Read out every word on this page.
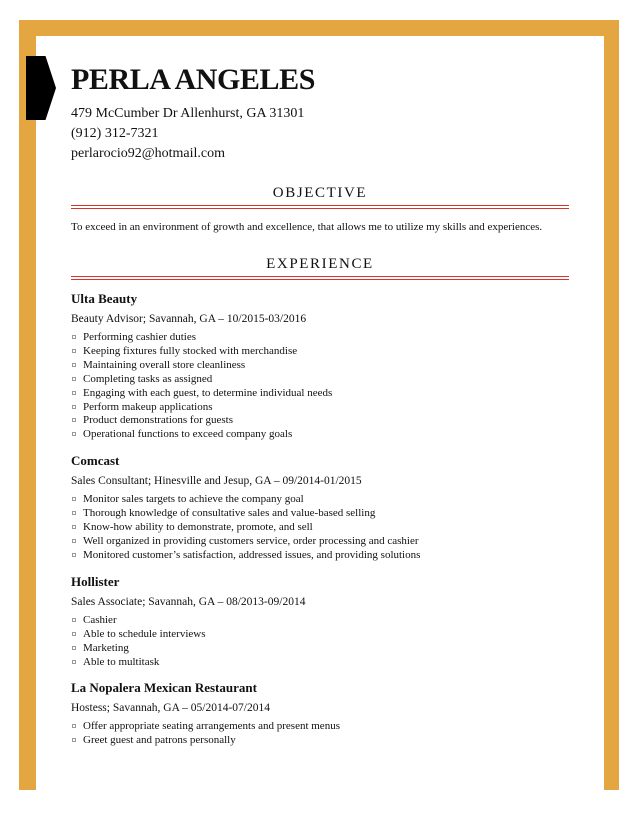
PERLA ANGELES
479 McCumber Dr Allenhurst, GA 31301
(912) 312-7321
perlarocio92@hotmail.com
OBJECTIVE
To exceed in an environment of growth and excellence, that allows me to utilize my skills and experiences.
EXPERIENCE
Ulta Beauty
Beauty Advisor; Savannah, GA – 10/2015-03/2016
Performing cashier duties
Keeping fixtures fully stocked with merchandise
Maintaining overall store cleanliness
Completing tasks as assigned
Engaging with each guest, to determine individual needs
Perform makeup applications
Product demonstrations for guests
Operational functions to exceed company goals
Comcast
Sales Consultant; Hinesville and Jesup, GA – 09/2014-01/2015
Monitor sales targets to achieve the company goal
Thorough knowledge of consultative sales and value-based selling
Know-how ability to demonstrate, promote, and sell
Well organized in providing customers service, order processing and cashier
Monitored customer’s satisfaction, addressed issues, and providing solutions
Hollister
Sales Associate; Savannah, GA – 08/2013-09/2014
Cashier
Able to schedule interviews
Marketing
Able to multitask
La Nopalera Mexican Restaurant
Hostess; Savannah, GA – 05/2014-07/2014
Offer appropriate seating arrangements and present menus
Greet guest and patrons personally
